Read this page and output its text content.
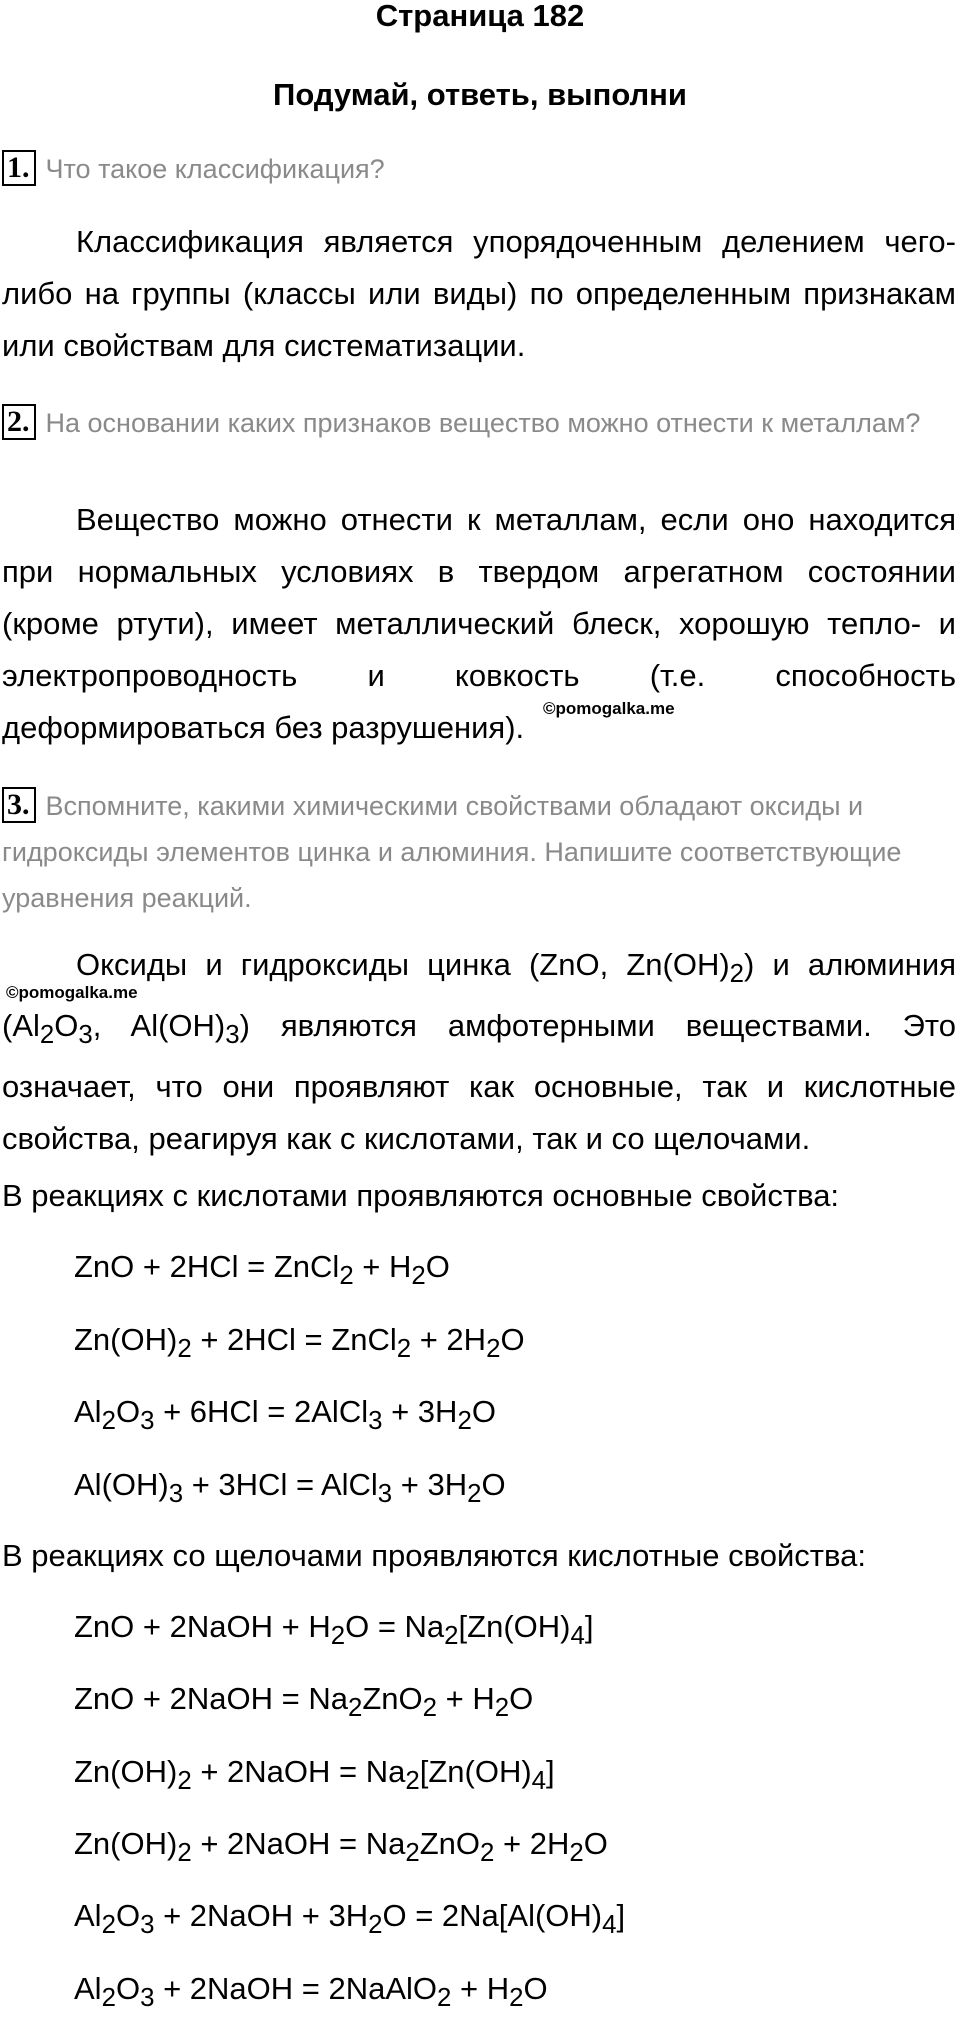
Страница 182
Подумай, ответь, выполни
1. Что такое классификация?

Классификация является упорядоченным делением чего-либо на группы (классы или виды) по определенным признакам или свойствам для систематизации.

2. На основании каких признаков вещество можно отнести к металлам?

Вещество можно отнести к металлам, если оно находится при нормальных условиях в твердом агрегатном состоянии (кроме ртути), имеет металлический блеск, хорошую тепло- и электропроводность и ковкость (т.е. способность деформироваться без разрушения).

©pomogalka.me
3. Вспомните, какими химическими свойствами обладают оксиды и гидроксиды элементов цинка и алюминия. Напишите соответствующие уравнения реакций.

Оксиды и гидроксиды цинка (ZnO, $Zn(OH)_2$) и алюминия ($Al_2O_3$, $Al(OH)_3$) являются амфотерными веществами. Это означает, что они проявляют как основные, так и кислотные свойства, реагируя как с кислотами, так и со щелочами.

©pomogalka.me

В реакциях с кислотами проявляются основные свойства:

ZnO + 2HCl = ZnCl$_2$ + $H_2O$
$Zn(OH)_2 + 2HCl$ = ZnCl$_2$ + $2H_2O$
$Al_2O_3 + 6HCl$ = 2AlCl$_3$ + $3H_2O$
$Al(OH)_3 + 3HCl$ = AlCl$_3$ + $3H_2O$

В реакциях со щелочами проявляются кислотные свойства:

ZnO + 2NaOH + $H_2O = Na_2[Zn(OH)_4]$
ZnO + 2NaOH = $Na_2ZnO_2 + H_2O$
$Zn(OH)_2$ + 2NaOH = $Na_2[Zn(OH)_4]$
$Zn(OH)_2$ + 2NaOH = $Na_2ZnO_2 + 2H_2O$
$Al_2O_3$ + 2NaOH + $3H_2O = 2Na[Al(OH)_4]$
$Al_2O_3$ + 2NaOH = 2NaAlO$_2$ + $H_2O$
